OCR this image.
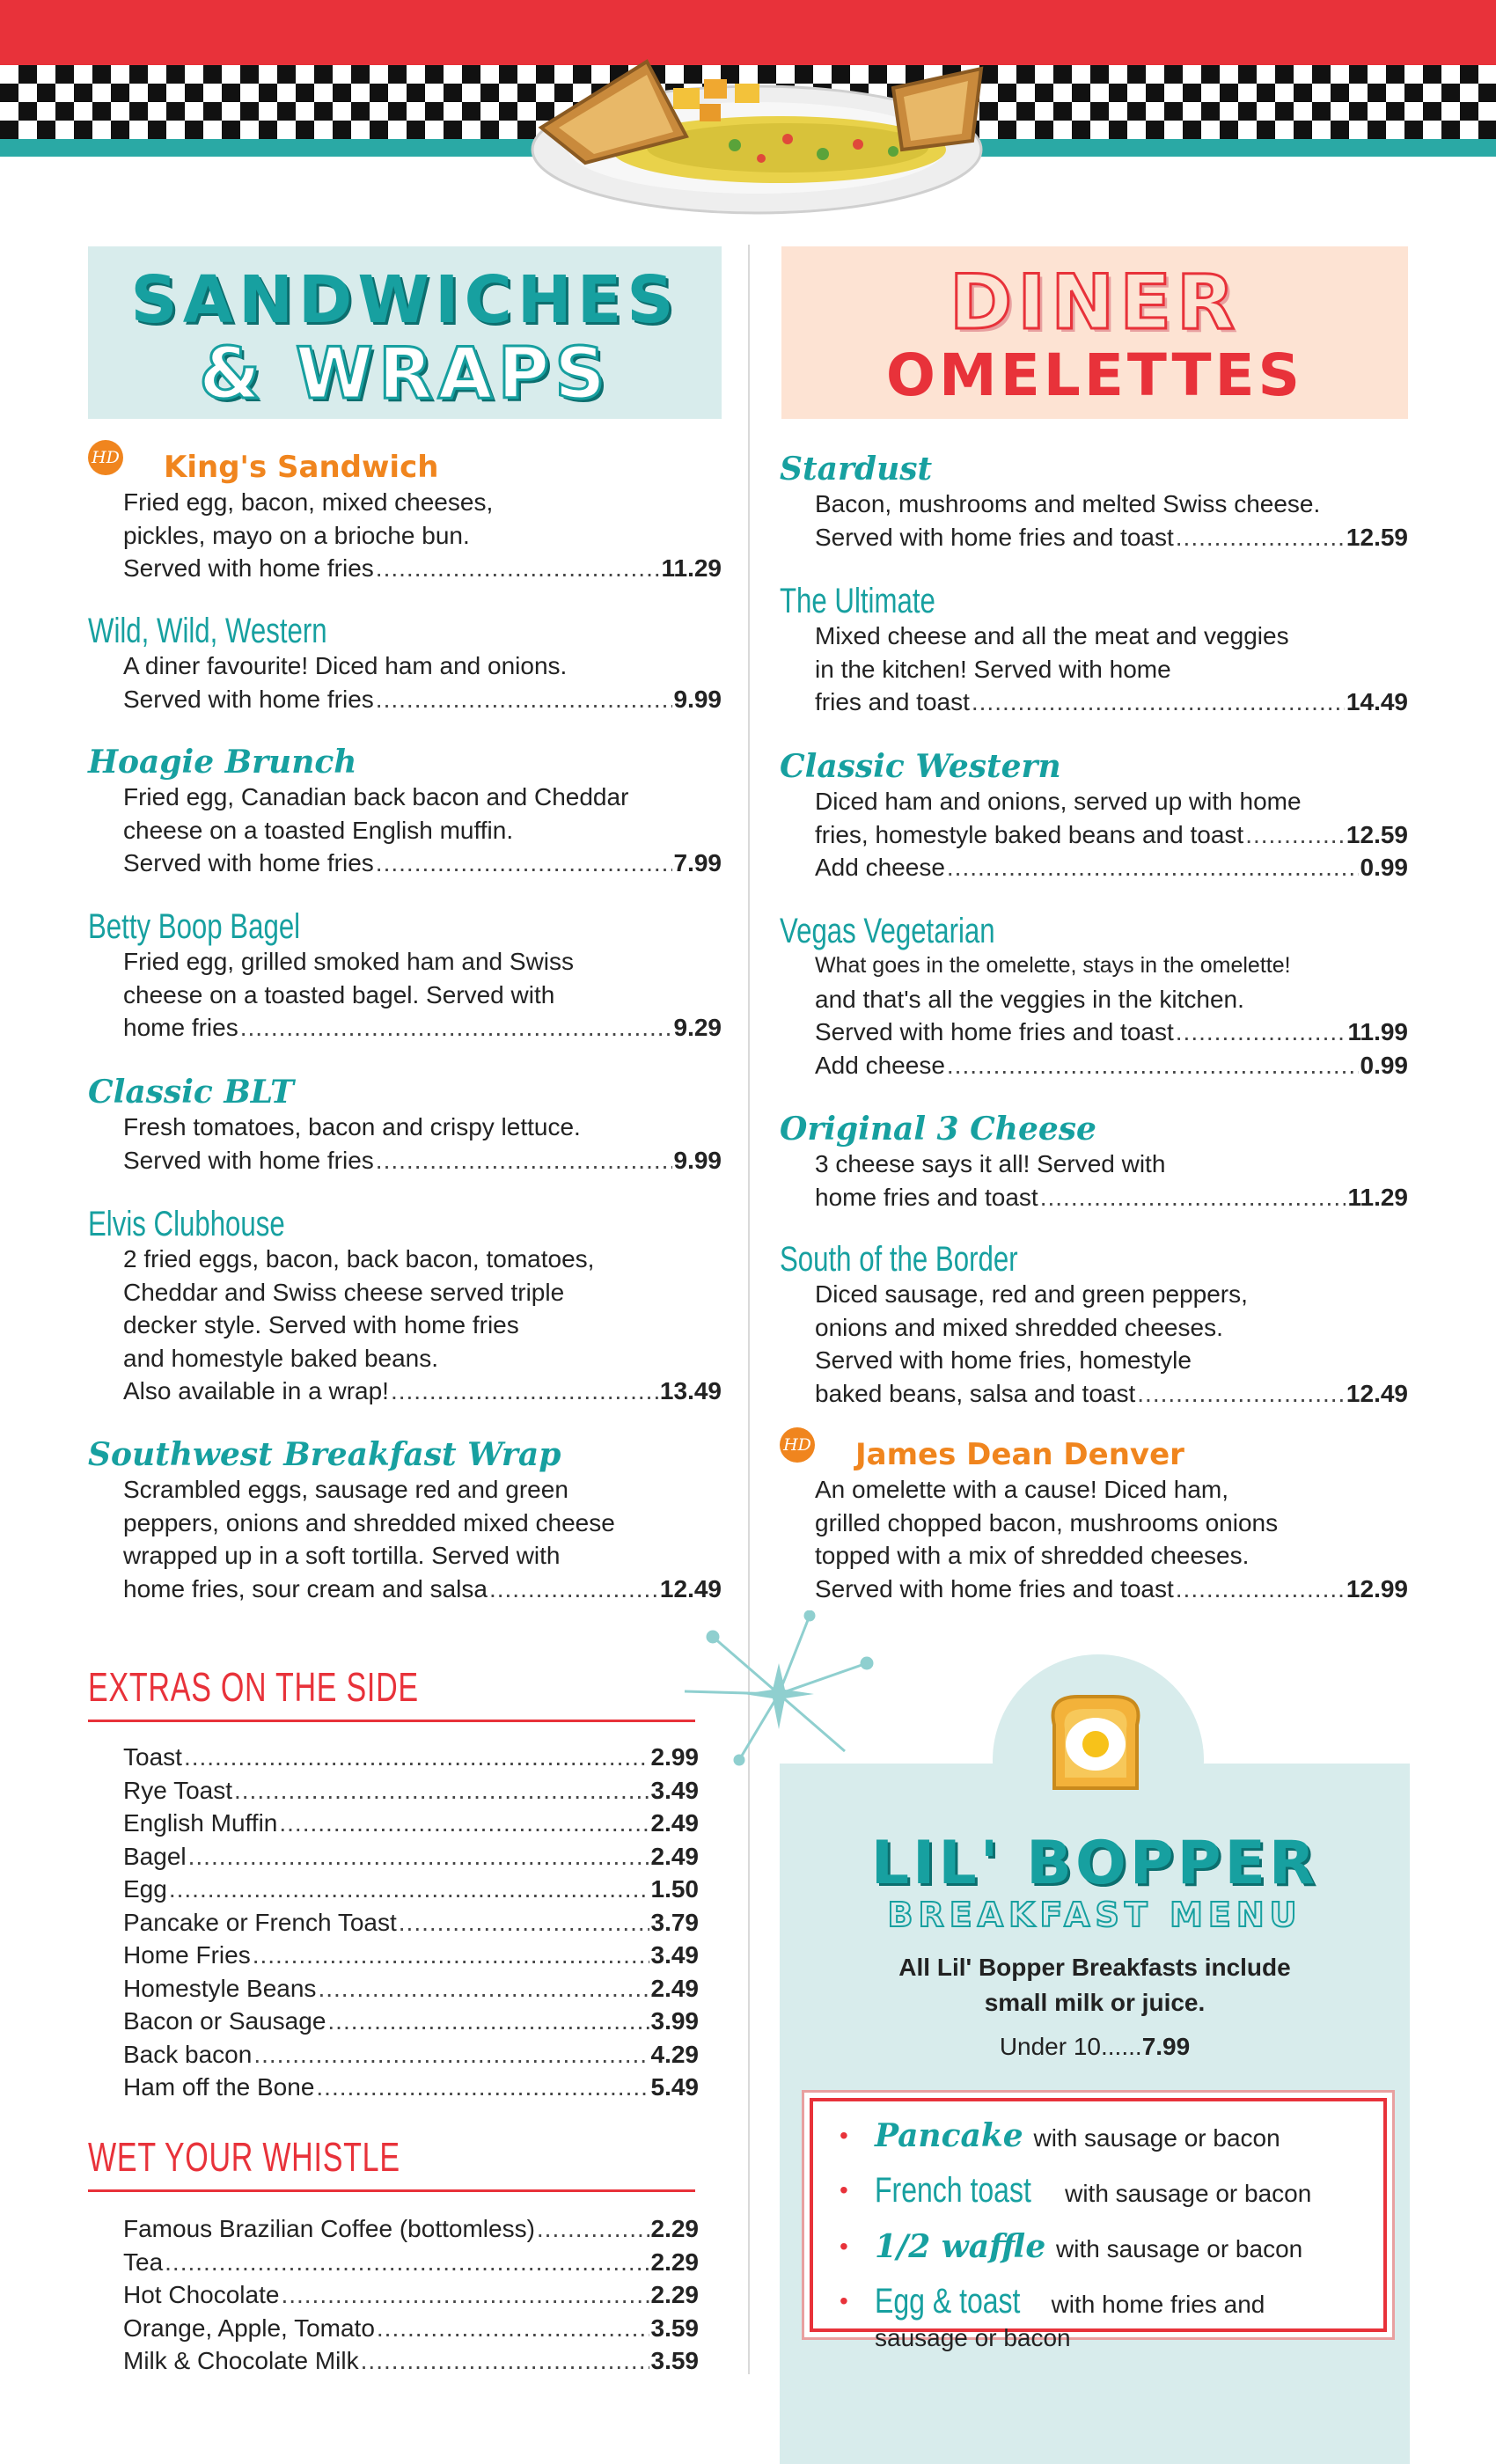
SANDWICHES
& WRAPS
DINER
OMELETTES
HD	King's Sandwich
Fried egg, bacon, mixed cheeses,
pickles, mayo on a brioche bun.
Served with home fries .....	11.29
Wild, Wild, Western
A diner favourite! Diced ham and onions.
Served with home fries .....	9.99
Hoagie Brunch
Fried egg, Canadian back bacon and Cheddar
cheese on a toasted English muffin.
Served with home fries .....	7.99
Betty Boop Bagel
Fried egg, grilled smoked ham and Swiss
cheese on a toasted bagel. Served with
home fries .....	9.29
Classic BLT
Fresh tomatoes, bacon and crispy lettuce.
Served with home fries .....	9.99
Elvis Clubhouse
2 fried eggs, bacon, back bacon, tomatoes,
Cheddar and Swiss cheese served triple
decker style. Served with home fries
and homestyle baked beans.
Also available in a wrap! .....	13.49
Southwest Breakfast Wrap
Scrambled eggs, sausage red and green
peppers, onions and shredded mixed cheese
wrapped up in a soft tortilla. Served with
home fries, sour cream and salsa .....	12.49
Stardust
Bacon, mushrooms and melted Swiss cheese.
Served with home fries and toast .....	12.59
The Ultimate
Mixed cheese and all the meat and veggies
in the kitchen! Served with home
fries and toast .....	14.49
Classic Western
Diced ham and onions, served up with home
fries, homestyle baked beans and toast .....	12.59
Add cheese .....	0.99
Vegas Vegetarian
What goes in the omelette, stays in the omelette!
and that's all the veggies in the kitchen.
Served with home fries and toast .....	11.99
Add cheese .....	0.99
Original 3 Cheese
3 cheese says it all! Served with
home fries and toast .....	11.29
South of the Border
Diced sausage, red and green peppers,
onions and mixed shredded cheeses.
Served with home fries, homestyle
baked beans, salsa and toast .....	12.49
HD	James Dean Denver
An omelette with a cause! Diced ham,
grilled chopped bacon, mushrooms onions
topped with a mix of shredded cheeses.
Served with home fries and toast .....	12.99
EXTRAS ON THE SIDE
Toast .....	2.99
Rye Toast .....	3.49
English Muffin .....	2.49
Bagel .....	2.49
Egg .....	1.50
Pancake or French Toast .....	3.79
Home Fries .....	3.49
Homestyle Beans .....	2.49
Bacon or Sausage .....	3.99
Back bacon .....	4.29
Ham off the Bone .....	5.49
WET YOUR WHISTLE
Famous Brazilian Coffee (bottomless) .....	2.29
Tea .....	2.29
Hot Chocolate .....	2.29
Orange, Apple, Tomato .....	3.59
Milk & Chocolate Milk .....	3.59
LIL' BOPPER
BREAKFAST MENU
All Lil' Bopper Breakfasts include
small milk or juice.
Under 10......7.99
• Pancake with sausage or bacon
• French toast with sausage or bacon
• 1/2 waffle with sausage or bacon
• Egg & toast with home fries and
sausage or bacon
